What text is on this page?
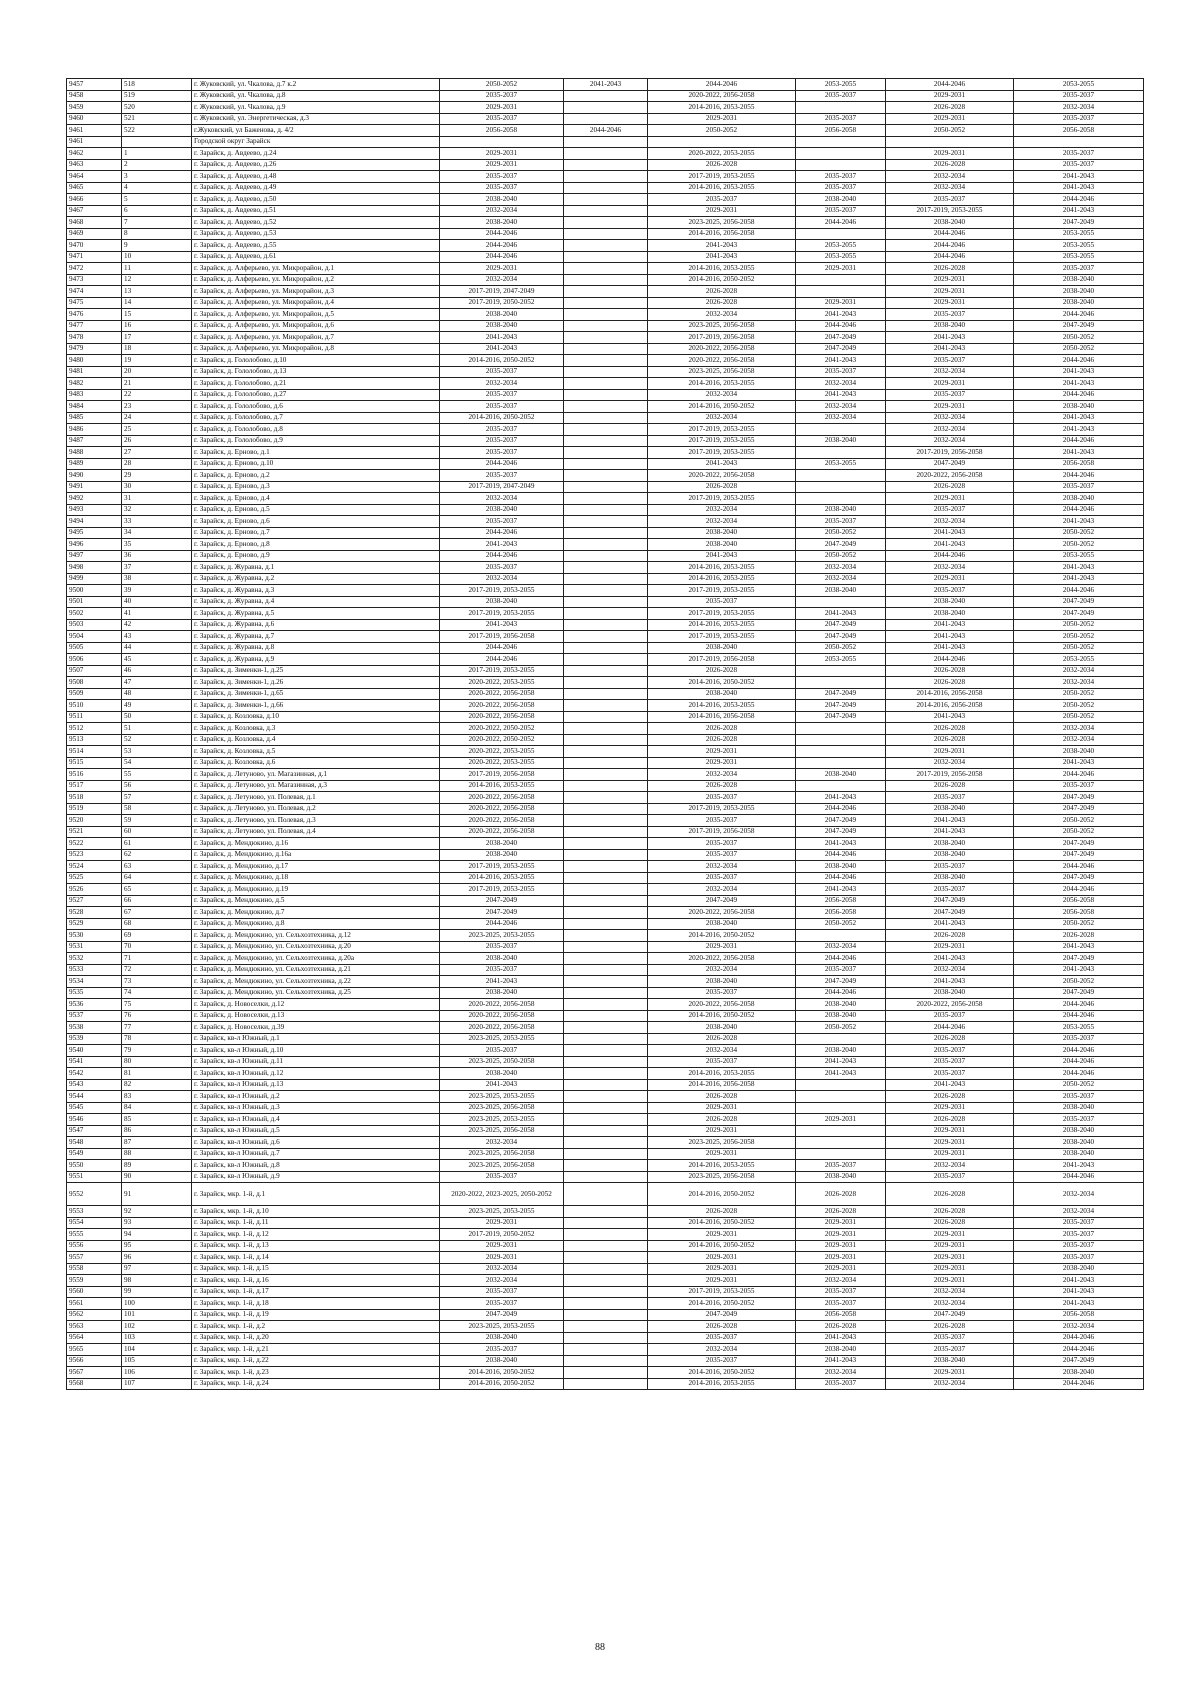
9457	518	г. Жуковский, ул. Чкалова, д.7 к.2	2050-2052	2041-2043	2044-2046	2053-2055	2044-2046	2053-2055
9458	519	г. Жуковский, ул. Чкалова, д.8	2035-2037		2020-2022, 2056-2058	2035-2037	2029-2031	2035-2037
9459	520	г. Жуковский, ул. Чкалова, д.9	2029-2031		2014-2016, 2053-2055		2026-2028	2032-2034
9460	521	г. Жуковский, ул. Энергетическая, д.3	2035-2037		2029-2031	2035-2037	2029-2031	2035-2037
9461	522	г.Жуковский, ул Баженова, д. 4/2	2056-2058	2044-2046	2050-2052	2056-2058	2050-2052	2056-2058
9461		Городской округ Зарайск						
9462	1	г. Зарайск, д. Авдеево, д.24	2029-2031		2020-2022, 2053-2055		2029-2031	2035-2037
9463	2	г. Зарайск, д. Авдеево, д.26	2029-2031		2026-2028		2026-2028	2035-2037
9464	3	г. Зарайск, д. Авдеево, д.48	2035-2037		2017-2019, 2053-2055	2035-2037	2032-2034	2041-2043
9465	4	г. Зарайск, д. Авдеево, д.49	2035-2037		2014-2016, 2053-2055	2035-2037	2032-2034	2041-2043
9466	5	г. Зарайск, д. Авдеево, д.50	2038-2040		2035-2037	2038-2040	2035-2037	2044-2046
9467	6	г. Зарайск, д. Авдеево, д.51	2032-2034		2029-2031	2035-2037	2017-2019, 2053-2055	2041-2043
9468	7	г. Зарайск, д. Авдеево, д.52	2038-2040		2023-2025, 2056-2058	2044-2046	2038-2040	2047-2049
9469	8	г. Зарайск, д. Авдеево, д.53	2044-2046		2014-2016, 2056-2058		2044-2046	2053-2055
9470	9	г. Зарайск, д. Авдеево, д.55	2044-2046		2041-2043	2053-2055	2044-2046	2053-2055
9471	10	г. Зарайск, д. Авдеево, д.61	2044-2046		2041-2043	2053-2055	2044-2046	2053-2055
9472	11	г. Зарайск, д. Алферьево, ул. Микрорайон, д.1	2029-2031		2014-2016, 2053-2055	2029-2031	2026-2028	2035-2037
9473	12	г. Зарайск, д. Алферьево, ул. Микрорайон, д.2	2032-2034		2014-2016, 2050-2052		2029-2031	2038-2040
9474	13	г. Зарайск, д. Алферьево, ул. Микрорайон, д.3	2017-2019, 2047-2049		2026-2028		2029-2031	2038-2040
9475	14	г. Зарайск, д. Алферьево, ул. Микрорайон, д.4	2017-2019, 2050-2052		2026-2028	2029-2031	2029-2031	2038-2040
9476	15	г. Зарайск, д. Алферьево, ул. Микрорайон, д.5	2038-2040		2032-2034	2041-2043	2035-2037	2044-2046
9477	16	г. Зарайск, д. Алферьево, ул. Микрорайон, д.6	2038-2040		2023-2025, 2056-2058	2044-2046	2038-2040	2047-2049
9478	17	г. Зарайск, д. Алферьево, ул. Микрорайон, д.7	2041-2043		2017-2019, 2056-2058	2047-2049	2041-2043	2050-2052
9479	18	г. Зарайск, д. Алферьево, ул. Микрорайон, д.8	2041-2043		2020-2022, 2056-2058	2047-2049	2041-2043	2050-2052
9480	19	г. Зарайск, д. Гололобово, д.10	2014-2016, 2050-2052		2020-2022, 2056-2058	2041-2043	2035-2037	2044-2046
9481	20	г. Зарайск, д. Гололобово, д.13	2035-2037		2023-2025, 2056-2058	2035-2037	2032-2034	2041-2043
9482	21	г. Зарайск, д. Гололобово, д.21	2032-2034		2014-2016, 2053-2055	2032-2034	2029-2031	2041-2043
9483	22	г. Зарайск, д. Гололобово, д.27	2035-2037		2032-2034	2041-2043	2035-2037	2044-2046
9484	23	г. Зарайск, д. Гололобово, д.6	2035-2037		2014-2016, 2050-2052	2032-2034	2029-2031	2038-2040
9485	24	г. Зарайск, д. Гололобово, д.7	2014-2016, 2050-2052		2032-2034	2032-2034	2032-2034	2041-2043
9486	25	г. Зарайск, д. Гололобово, д.8	2035-2037		2017-2019, 2053-2055		2032-2034	2041-2043
9487	26	г. Зарайск, д. Гололобово, д.9	2035-2037		2017-2019, 2053-2055	2038-2040	2032-2034	2044-2046
9488	27	г. Зарайск, д. Ерново, д.1	2035-2037		2017-2019, 2053-2055		2017-2019, 2056-2058	2041-2043
9489	28	г. Зарайск, д. Ерново, д.10	2044-2046		2041-2043	2053-2055	2047-2049	2056-2058
9490	29	г. Зарайск, д. Ерново, д.2	2035-2037		2020-2022, 2056-2058		2020-2022, 2056-2058	2044-2046
9491	30	г. Зарайск, д. Ерново, д.3	2017-2019, 2047-2049		2026-2028		2026-2028	2035-2037
9492	31	г. Зарайск, д. Ерново, д.4	2032-2034		2017-2019, 2053-2055		2029-2031	2038-2040
9493	32	г. Зарайск, д. Ерново, д.5	2038-2040		2032-2034	2038-2040	2035-2037	2044-2046
9494	33	г. Зарайск, д. Ерново, д.6	2035-2037		2032-2034	2035-2037	2032-2034	2041-2043
9495	34	г. Зарайск, д. Ерново, д.7	2044-2046		2038-2040	2050-2052	2041-2043	2050-2052
9496	35	г. Зарайск, д. Ерново, д.8	2041-2043		2038-2040	2047-2049	2041-2043	2050-2052
9497	36	г. Зарайск, д. Ерново, д.9	2044-2046		2041-2043	2050-2052	2044-2046	2053-2055
9498	37	г. Зарайск, д. Журавна, д.1	2035-2037		2014-2016, 2053-2055	2032-2034	2032-2034	2041-2043
9499	38	г. Зарайск, д. Журавна, д.2	2032-2034		2014-2016, 2053-2055	2032-2034	2029-2031	2041-2043
9500	39	г. Зарайск, д. Журавна, д.3	2017-2019, 2053-2055		2017-2019, 2053-2055	2038-2040	2035-2037	2044-2046
9501	40	г. Зарайск, д. Журавна, д.4	2038-2040		2035-2037		2038-2040	2047-2049
9502	41	г. Зарайск, д. Журавна, д.5	2017-2019, 2053-2055		2017-2019, 2053-2055	2041-2043	2038-2040	2047-2049
9503	42	г. Зарайск, д. Журавна, д.6	2041-2043		2014-2016, 2053-2055	2047-2049	2041-2043	2050-2052
9504	43	г. Зарайск, д. Журавна, д.7	2017-2019, 2056-2058		2017-2019, 2053-2055	2047-2049	2041-2043	2050-2052
9505	44	г. Зарайск, д. Журавна, д.8	2044-2046		2038-2040	2050-2052	2041-2043	2050-2052
9506	45	г. Зарайск, д. Журавна, д.9	2044-2046		2017-2019, 2056-2058	2053-2055	2044-2046	2053-2055
9507	46	г. Зарайск, д. Зименки-1, д.25	2017-2019, 2053-2055		2026-2028		2026-2028	2032-2034
9508	47	г. Зарайск, д. Зименки-1, д.26	2020-2022, 2053-2055		2014-2016, 2050-2052		2026-2028	2032-2034
9509	48	г. Зарайск, д. Зименки-1, д.65	2020-2022, 2056-2058		2038-2040	2047-2049	2014-2016, 2056-2058	2050-2052
9510	49	г. Зарайск, д. Зименки-1, д.66	2020-2022, 2056-2058		2014-2016, 2053-2055	2047-2049	2014-2016, 2056-2058	2050-2052
9511	50	г. Зарайск, д. Козловка, д.10	2020-2022, 2056-2058		2014-2016, 2056-2058	2047-2049	2041-2043	2050-2052
9512	51	г. Зарайск, д. Козловка, д.3	2020-2022, 2050-2052		2026-2028		2026-2028	2032-2034
9513	52	г. Зарайск, д. Козловка, д.4	2020-2022, 2050-2052		2026-2028		2026-2028	2032-2034
9514	53	г. Зарайск, д. Козловка, д.5	2020-2022, 2053-2055		2029-2031		2029-2031	2038-2040
9515	54	г. Зарайск, д. Козловка, д.6	2020-2022, 2053-2055		2029-2031		2032-2034	2041-2043
9516	55	г. Зарайск, д. Летуново, ул. Магазинная, д.1	2017-2019, 2056-2058		2032-2034	2038-2040	2017-2019, 2056-2058	2044-2046
9517	56	г. Зарайск, д. Летуново, ул. Магазинная, д.3	2014-2016, 2053-2055		2026-2028		2026-2028	2035-2037
9518	57	г. Зарайск, д. Летуново, ул. Полевая, д.1	2020-2022, 2056-2058		2035-2037	2041-2043	2035-2037	2047-2049
9519	58	г. Зарайск, д. Летуново, ул. Полевая, д.2	2020-2022, 2056-2058		2017-2019, 2053-2055	2044-2046	2038-2040	2047-2049
9520	59	г. Зарайск, д. Летуново, ул. Полевая, д.3	2020-2022, 2056-2058		2035-2037	2047-2049	2041-2043	2050-2052
9521	60	г. Зарайск, д. Летуново, ул. Полевая, д.4	2020-2022, 2056-2058		2017-2019, 2056-2058	2047-2049	2041-2043	2050-2052
9522	61	г. Зарайск, д. Мендюкино, д.16	2038-2040		2035-2037	2041-2043	2038-2040	2047-2049
9523	62	г. Зарайск, д. Мендюкино, д.16а	2038-2040		2035-2037	2044-2046	2038-2040	2047-2049
9524	63	г. Зарайск, д. Мендюкино, д.17	2017-2019, 2053-2055		2032-2034	2038-2040	2035-2037	2044-2046
9525	64	г. Зарайск, д. Мендюкино, д.18	2014-2016, 2053-2055		2035-2037	2044-2046	2038-2040	2047-2049
9526	65	г. Зарайск, д. Мендюкино, д.19	2017-2019, 2053-2055		2032-2034	2041-2043	2035-2037	2044-2046
9527	66	г. Зарайск, д. Мендюкино, д.5	2047-2049		2047-2049	2056-2058	2047-2049	2056-2058
9528	67	г. Зарайск, д. Мендюкино, д.7	2047-2049		2020-2022, 2056-2058	2056-2058	2047-2049	2056-2058
9529	68	г. Зарайск, д. Мендюкино, д.8	2044-2046		2038-2040	2050-2052	2041-2043	2050-2052
9530	69	г. Зарайск, д. Мендюкино, ул. Сельхозтехника, д.12	2023-2025, 2053-2055		2014-2016, 2050-2052		2026-2028	2026-2028
9531	70	г. Зарайск, д. Мендюкино, ул. Сельхозтехника, д.20	2035-2037		2029-2031	2032-2034	2029-2031	2041-2043
9532	71	г. Зарайск, д. Мендюкино, ул. Сельхозтехника, д.20а	2038-2040		2020-2022, 2056-2058	2044-2046	2041-2043	2047-2049
9533	72	г. Зарайск, д. Мендюкино, ул. Сельхозтехника, д.21	2035-2037		2032-2034	2035-2037	2032-2034	2041-2043
9534	73	г. Зарайск, д. Мендюкино, ул. Сельхозтехника, д.22	2041-2043		2038-2040	2047-2049	2041-2043	2050-2052
9535	74	г. Зарайск, д. Мендюкино, ул. Сельхозтехника, д.25	2038-2040		2035-2037	2044-2046	2038-2040	2047-2049
9536	75	г. Зарайск, д. Новоселки, д.12	2020-2022, 2056-2058		2020-2022, 2056-2058	2038-2040	2020-2022, 2056-2058	2044-2046
9537	76	г. Зарайск, д. Новоселки, д.13	2020-2022, 2056-2058		2014-2016, 2050-2052	2038-2040	2035-2037	2044-2046
9538	77	г. Зарайск, д. Новоселки, д.39	2020-2022, 2056-2058		2038-2040	2050-2052	2044-2046	2053-2055
9539	78	г. Зарайск, кв-л Южный, д.1	2023-2025, 2053-2055		2026-2028		2026-2028	2035-2037
9540	79	г. Зарайск, кв-л Южный, д.10	2035-2037		2032-2034	2038-2040	2035-2037	2044-2046
9541	80	г. Зарайск, кв-л Южный, д.11	2023-2025, 2050-2058		2035-2037	2041-2043	2035-2037	2044-2046
9542	81	г. Зарайск, кв-л Южный, д.12	2038-2040		2014-2016, 2053-2055	2041-2043	2035-2037	2044-2046
9543	82	г. Зарайск, кв-л Южный, д.13	2041-2043		2014-2016, 2056-2058		2041-2043	2050-2052
9544	83	г. Зарайск, кв-л Южный, д.2	2023-2025, 2053-2055		2026-2028		2026-2028	2035-2037
9545	84	г. Зарайск, кв-л Южный, д.3	2023-2025, 2056-2058		2029-2031		2029-2031	2038-2040
9546	85	г. Зарайск, кв-л Южный, д.4	2023-2025, 2053-2055		2026-2028	2029-2031	2026-2028	2035-2037
9547	86	г. Зарайск, кв-л Южный, д.5	2023-2025, 2056-2058		2029-2031		2029-2031	2038-2040
9548	87	г. Зарайск, кв-л Южный, д.6	2032-2034		2023-2025, 2056-2058		2029-2031	2038-2040
9549	88	г. Зарайск, кв-л Южный, д.7	2023-2025, 2056-2058		2029-2031		2029-2031	2038-2040
9550	89	г. Зарайск, кв-л Южный, д.8	2023-2025, 2056-2058		2014-2016, 2053-2055	2035-2037	2032-2034	2041-2043
9551	90	г. Зарайск, кв-л Южный, д.9	2035-2037		2023-2025, 2056-2058	2038-2040	2035-2037	2044-2046
9552	91	г. Зарайск, мкр. 1-й, д.1	2020-2022, 2023-2025, 2050-2052		2014-2016, 2050-2052	2026-2028	2026-2028	2032-2034
9553	92	г. Зарайск, мкр. 1-й, д.10	2023-2025, 2053-2055		2026-2028	2026-2028	2026-2028	2032-2034
9554	93	г. Зарайск, мкр. 1-й, д.11	2029-2031		2014-2016, 2050-2052	2029-2031	2026-2028	2035-2037
9555	94	г. Зарайск, мкр. 1-й, д.12	2017-2019, 2050-2052		2029-2031	2029-2031	2029-2031	2035-2037
9556	95	г. Зарайск, мкр. 1-й, д.13	2029-2031		2014-2016, 2050-2052	2029-2031	2029-2031	2035-2037
9557	96	г. Зарайск, мкр. 1-й, д.14	2029-2031		2029-2031	2029-2031	2029-2031	2035-2037
9558	97	г. Зарайск, мкр. 1-й, д.15	2032-2034		2029-2031	2029-2031	2029-2031	2038-2040
9559	98	г. Зарайск, мкр. 1-й, д.16	2032-2034		2029-2031	2032-2034	2029-2031	2041-2043
9560	99	г. Зарайск, мкр. 1-й, д.17	2035-2037		2017-2019, 2053-2055	2035-2037	2032-2034	2041-2043
9561	100	г. Зарайск, мкр. 1-й, д.18	2035-2037		2014-2016, 2050-2052	2035-2037	2032-2034	2041-2043
9562	101	г. Зарайск, мкр. 1-й, д.19	2047-2049		2047-2049	2056-2058	2047-2049	2056-2058
9563	102	г. Зарайск, мкр. 1-й, д.2	2023-2025, 2053-2055		2026-2028	2026-2028	2026-2028	2032-2034
9564	103	г. Зарайск, мкр. 1-й, д.20	2038-2040		2035-2037	2041-2043	2035-2037	2044-2046
9565	104	г. Зарайск, мкр. 1-й, д.21	2035-2037		2032-2034	2038-2040	2035-2037	2044-2046
9566	105	г. Зарайск, мкр. 1-й, д.22	2038-2040		2035-2037	2041-2043	2038-2040	2047-2049
9567	106	г. Зарайск, мкр. 1-й, д.23	2014-2016, 2050-2052		2014-2016, 2050-2052	2032-2034	2029-2031	2038-2040
9568	107	г. Зарайск, мкр. 1-й, д.24	2014-2016, 2050-2052		2014-2016, 2053-2055	2035-2037	2032-2034	2044-2046
88
